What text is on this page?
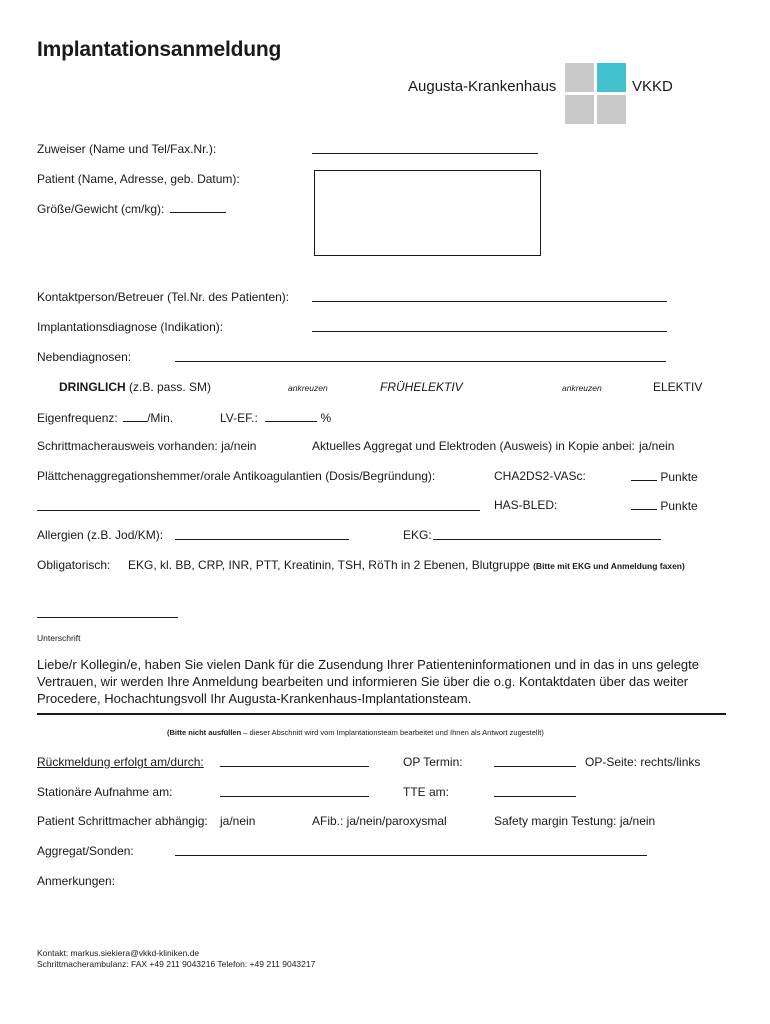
Implantationsanmeldung
Augusta-Krankenhaus	VKKD
Zuweiser (Name und Tel/Fax.Nr.):
Patient (Name, Adresse, geb. Datum):
Größe/Gewicht (cm/kg):
Kontaktperson/Betreuer (Tel.Nr. des Patienten):
Implantationsdiagnose (Indikation):
Nebendiagnosen:
DRINGLICH (z.B. pass. SM)	ankreuzen	FRÜHELEKTIV	ankreuzen	ELEKTIV
Eigenfrequenz: /Min.	LV-EF.:	%
Schrittmacherausweis vorhanden: ja/nein	Aktuelles Aggregat und Elektroden (Ausweis) in Kopie anbei: ja/nein
Plättchenaggregationshemmer/orale Antikoagulantien (Dosis/Begründung):	CHA2DS2-VASc:	Punkte
HAS-BLED:	Punkte
Allergien (z.B. Jod/KM):	EKG:
Obligatorisch: EKG, kl. BB, CRP, INR, PTT, Kreatinin, TSH, RöTh in 2 Ebenen, Blutgruppe (Bitte mit EKG und Anmeldung faxen)
Unterschrift
Liebe/r Kollegin/e, haben Sie vielen Dank für die Zusendung Ihrer Patienteninformationen und in das in uns gelegte
Vertrauen, wir werden Ihre Anmeldung bearbeiten und informieren Sie über die o.g. Kontaktdaten über das weiter
Procedere, Hochachtungsvoll Ihr Augusta-Krankenhaus-Implantationsteam.
(Bitte nicht ausfüllen – dieser Abschnitt wird vom Implantationsteam bearbeitet und Ihnen als Antwort zugestellt)
Rückmeldung erfolgt am/durch:	OP Termin:	OP-Seite: rechts/links
Stationäre Aufnahme am:	TTE am:
Patient Schrittmacher abhängig: ja/nein	AFib.: ja/nein/paroxysmal	Safety margin Testung: ja/nein
Aggregat/Sonden:
Anmerkungen:
Kontakt: markus.siekiera@vkkd-kliniken.de
Schrittmacherambulanz: FAX +49 211 9043216 Telefon: +49 211 9043217
